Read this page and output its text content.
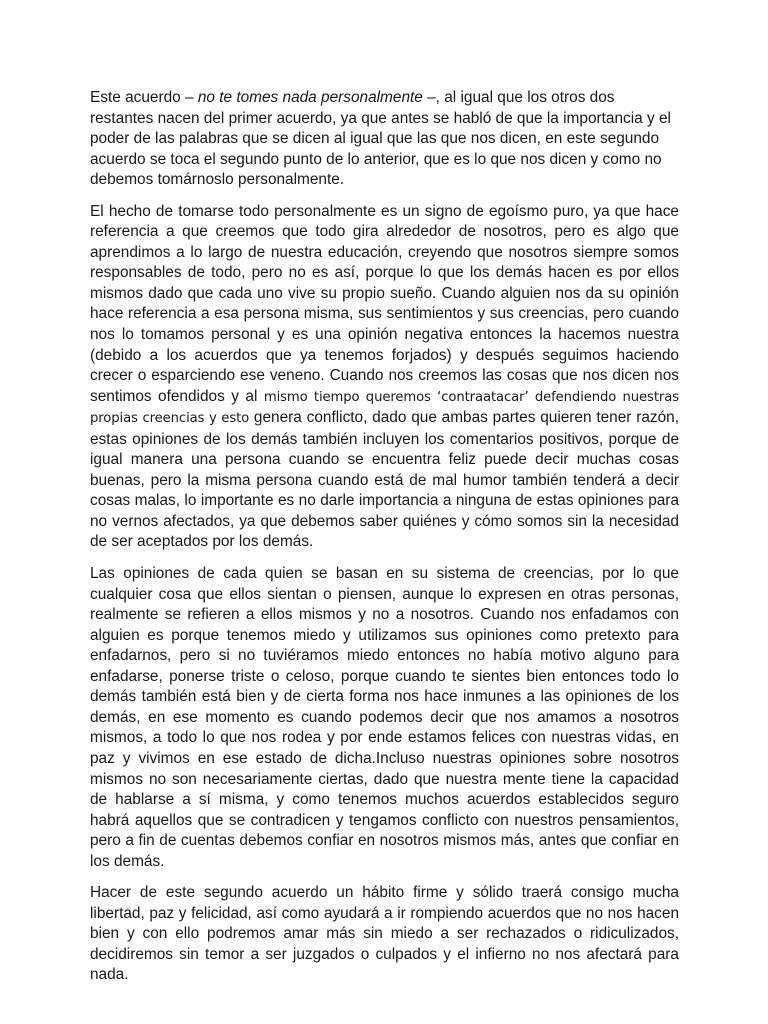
Este acuerdo – no te tomes nada personalmente –, al igual que los otros dos restantes nacen del primer acuerdo, ya que antes se habló de que la importancia y el poder de las palabras que se dicen al igual que las que nos dicen, en este segundo acuerdo se toca el segundo punto de lo anterior, que es lo que nos dicen y como no debemos tomárnoslo personalmente.

El hecho de tomarse todo personalmente es un signo de egoísmo puro, ya que hace referencia a que creemos que todo gira alrededor de nosotros, pero es algo que aprendimos a lo largo de nuestra educación, creyendo que nosotros siempre somos responsables de todo, pero no es así, porque lo que los demás hacen es por ellos mismos dado que cada uno vive su propio sueño. Cuando alguien nos da su opinión hace referencia a esa persona misma, sus sentimientos y sus creencias, pero cuando nos lo tomamos personal y es una opinión negativa entonces la hacemos nuestra (debido a los acuerdos que ya tenemos forjados) y después seguimos haciendo crecer o esparciendo ese veneno. Cuando nos creemos las cosas que nos dicen nos sentimos ofendidos y al mismo tiempo queremos ‘contraatacar’ defendiendo nuestras propias creencias y esto genera conflicto, dado que ambas partes quieren tener razón, estas opiniones de los demás también incluyen los comentarios positivos, porque de igual manera una persona cuando se encuentra feliz puede decir muchas cosas buenas, pero la misma persona cuando está de mal humor también tenderá a decir cosas malas, lo importante es no darle importancia a ninguna de estas opiniones para no vernos afectados, ya que debemos saber quiénes y cómo somos sin la necesidad de ser aceptados por los demás.

Las opiniones de cada quien se basan en su sistema de creencias, por lo que cualquier cosa que ellos sientan o piensen, aunque lo expresen en otras personas, realmente se refieren a ellos mismos y no a nosotros. Cuando nos enfadamos con alguien es porque tenemos miedo y utilizamos sus opiniones como pretexto para enfadarnos, pero si no tuviéramos miedo entonces no había motivo alguno para enfadarse, ponerse triste o celoso, porque cuando te sientes bien entonces todo lo demás también está bien y de cierta forma nos hace inmunes a las opiniones de los demás, en ese momento es cuando podemos decir que nos amamos a nosotros mismos, a todo lo que nos rodea y por ende estamos felices con nuestras vidas, en paz y vivimos en ese estado de dicha.Incluso nuestras opiniones sobre nosotros mismos no son necesariamente ciertas, dado que nuestra mente tiene la capacidad de hablarse a sí misma, y como tenemos muchos acuerdos establecidos seguro habrá aquellos que se contradicen y tengamos conflicto con nuestros pensamientos, pero a fin de cuentas debemos confiar en nosotros mismos más, antes que confiar en los demás.

Hacer de este segundo acuerdo un hábito firme y sólido traerá consigo mucha libertad, paz y felicidad, así como ayudará a ir rompiendo acuerdos que no nos hacen bien y con ello podremos amar más sin miedo a ser rechazados o ridiculizados, decidiremos sin temor a ser juzgados o culpados y el infierno no nos afectará para nada.
